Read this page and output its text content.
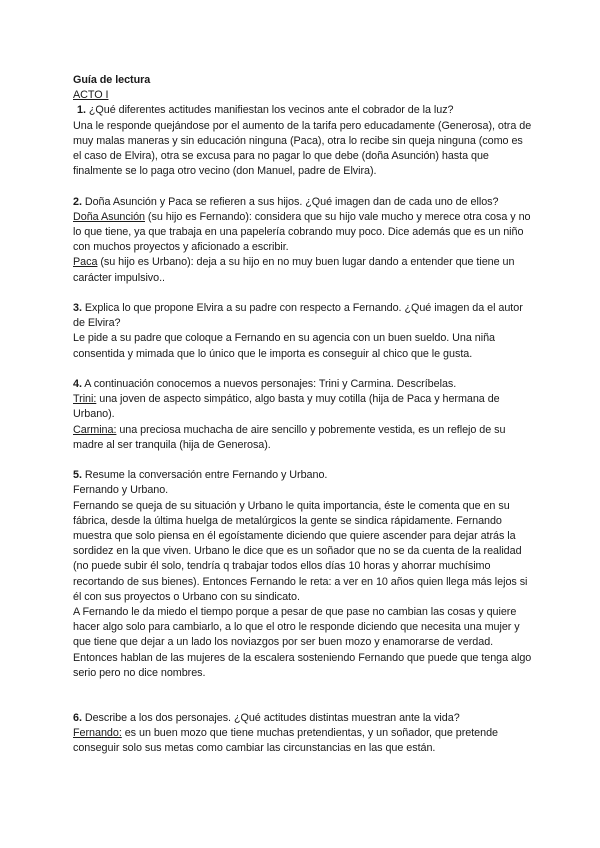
Guía de lectura

ACTO I

1. ¿Qué diferentes actitudes manifiestan los vecinos ante el cobrador de la luz?

Una le responde quejándose por el aumento de la tarifa pero educadamente (Generosa), otra de muy malas maneras y sin educación ninguna (Paca), otra lo recibe sin queja ninguna (como es el caso de Elvira), otra se excusa para no pagar lo que debe (doña Asunción) hasta que finalmente se lo paga otro vecino (don Manuel, padre de Elvira).

2. Doña Asunción y Paca se refieren a sus hijos. ¿Qué imagen dan de cada uno de ellos?

Doña Asunción (su hijo es Fernando): considera que su hijo vale mucho y merece otra cosa y no lo que tiene, ya que trabaja en una papelería cobrando muy poco. Dice además que es un niño con muchos proyectos y aficionado a escribir.

Paca (su hijo es Urbano): deja a su hijo en no muy buen lugar dando a entender que tiene un carácter impulsivo..

3. Explica lo que propone Elvira a su padre con respecto a Fernando. ¿Qué imagen da el autor de Elvira?

Le pide a su padre que coloque a Fernando en su agencia con un buen sueldo. Una niña consentida y mimada que lo único que le importa es conseguir al chico que le gusta.

4. A continuación conocemos a nuevos personajes: Trini y Carmina. Descríbelas.

Trini: una joven de aspecto simpático, algo basta y muy cotilla (hija de Paca y hermana de Urbano).

Carmina: una preciosa muchacha de aire sencillo y pobremente vestida, es un reflejo de su madre al ser tranquila (hija de Generosa).

5. Resume la conversación entre Fernando y Urbano.

Fernando y Urbano.

Fernando se queja de su situación y Urbano le quita importancia, éste le comenta que en su fábrica, desde la última huelga de metalúrgicos la gente se sindica rápidamente. Fernando muestra que solo piensa en él egoístamente diciendo que quiere ascender para dejar atrás la sordidez en la que viven. Urbano le dice que es un soñador que no se da cuenta de la realidad (no puede subir él solo, tendría q trabajar todos ellos días 10 horas y ahorrar muchísimo recortando de sus bienes). Entonces Fernando le reta: a ver en 10 años quien llega más lejos si él con sus proyectos o Urbano con su sindicato.

A Fernando le da miedo el tiempo porque a pesar de que pase no cambian las cosas y quiere hacer algo solo para cambiarlo, a lo que el otro le responde diciendo que necesita una mujer y que tiene que dejar a un lado los noviazgos por ser buen mozo y enamorarse de verdad. Entonces hablan de las mujeres de la escalera sosteniendo Fernando que puede que tenga algo serio pero no dice nombres.

6. Describe a los dos personajes. ¿Qué actitudes distintas muestran ante la vida?

Fernando: es un buen mozo que tiene muchas pretendientas, y un soñador, que pretende conseguir solo sus metas como cambiar las circunstancias en las que están.
